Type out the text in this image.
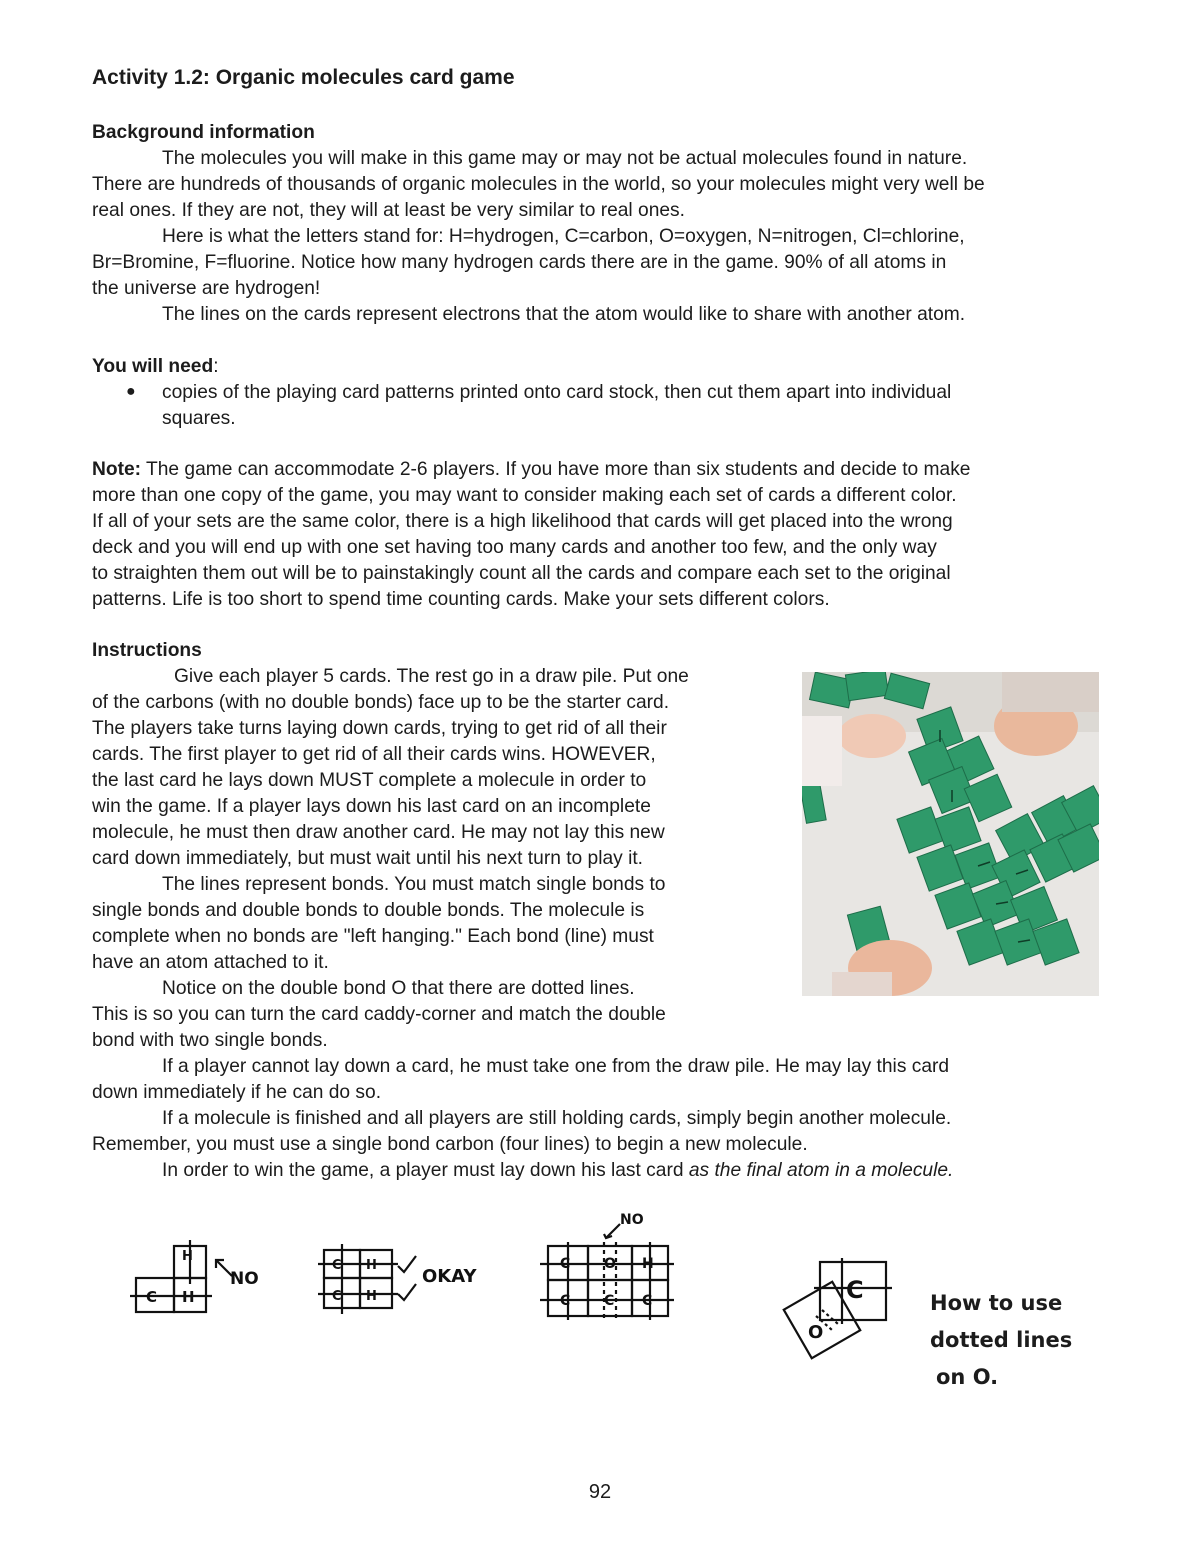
Activity 1.2: Organic molecules card game
Background information
The molecules you will make in this game may or may not be actual molecules found in nature.
There are hundreds of thousands of organic molecules in the world, so your molecules might very well be
real ones. If they are not, they will at least be very similar to real ones.
Here is what the letters stand for: H=hydrogen, C=carbon, O=oxygen, N=nitrogen, Cl=chlorine,
Br=Bromine, F=fluorine. Notice how many hydrogen cards there are in the game. 90% of all atoms in
the universe are hydrogen!
The lines on the cards represent electrons that the atom would like to share with another atom.
You will need:
● copies of the playing card patterns printed onto card stock, then cut them apart into individual
squares.
Note: The game can accommodate 2-6 players. If you have more than six students and decide to make
more than one copy of the game, you may want to consider making each set of cards a different color.
If all of your sets are the same color, there is a high likelihood that cards will get placed into the wrong
deck and you will end up with one set having too many cards and another too few, and the only way
to straighten them out will be to painstakingly count all the cards and compare each set to the original
patterns. Life is too short to spend time counting cards. Make your sets different colors.
Instructions
Give each player 5 cards. The rest go in a draw pile. Put one
of the carbons (with no double bonds) face up to be the starter card.
The players take turns laying down cards, trying to get rid of all their
cards. The first player to get rid of all their cards wins. HOWEVER,
the last card he lays down MUST complete a molecule in order to
win the game. If a player lays down his last card on an incomplete
molecule, he must then draw another card. He may not lay this new
card down immediately, but must wait until his next turn to play it.
The lines represent bonds. You must match single bonds to
single bonds and double bonds to double bonds. The molecule is
complete when no bonds are "left hanging." Each bond (line) must
have an atom attached to it.
Notice on the double bond O that there are dotted lines.
This is so you can turn the card caddy-corner and match the double
bond with two single bonds.
If a player cannot lay down a card, he must take one from the draw pile. He may lay this card
down immediately if he can do so.
If a molecule is finished and all players are still holding cards, simply begin another molecule.
Remember, you must use a single bond carbon (four lines) to begin a new molecule.
In order to win the game, a player must lay down his last card as the final atom in a molecule.
H
C H
NO
C H
C H
OKAY
C O H
C C C
NO
C
O
How to use
dotted lines
on O.
92
